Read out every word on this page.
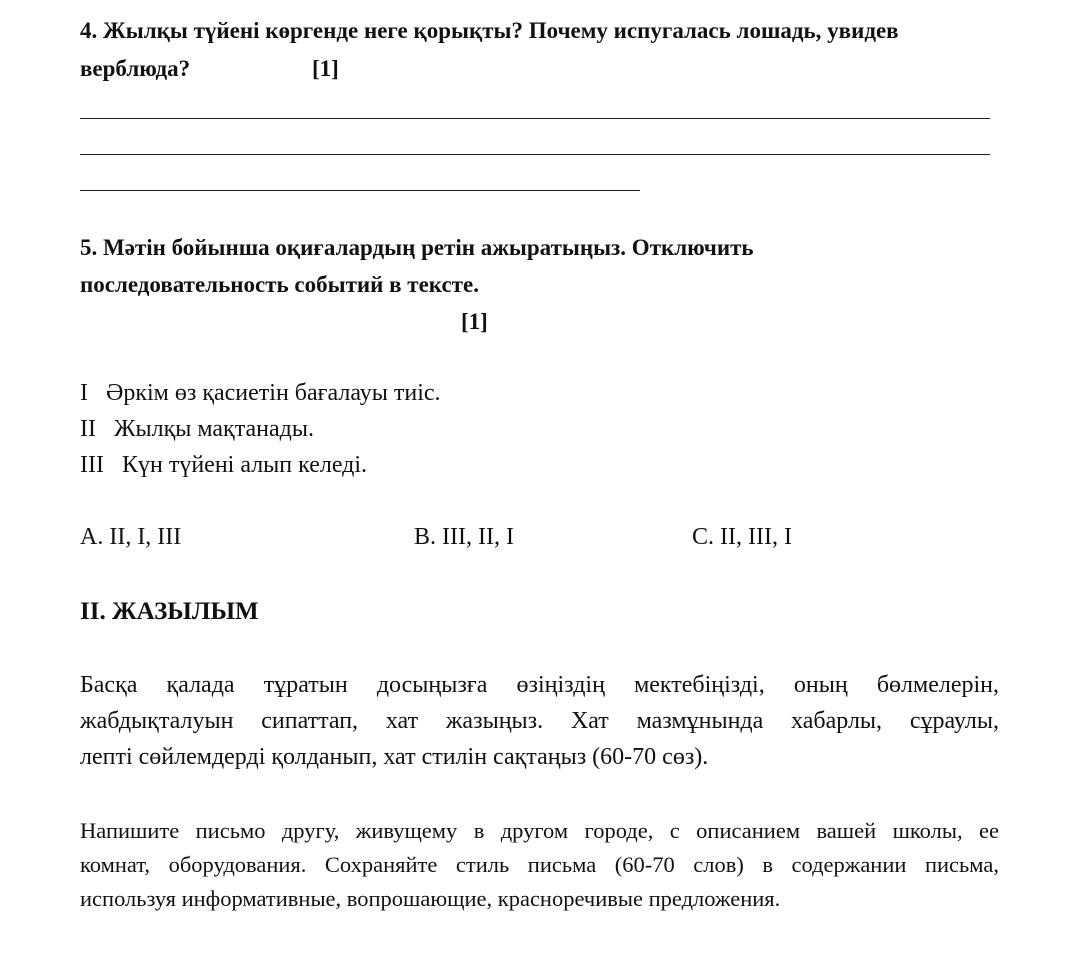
4. Жылқы түйені көргенде неге қорықты? Почему испугалась лошадь, увидев
верблюда?	[1]
5. Мәтін бойынша оқиғалардың ретін ажыратыңыз. Отключить
последовательность событий в тексте.
[1]
I Әркім өз қасиетін бағалауы тиіс.
II Жылқы мақтанады.
III Күн түйені алып келеді.
A. II, I, III	B. III, II, I	C. II, III, I
II. ЖАЗЫЛЫМ
Басқа қалада тұратын досыңызға өзіңіздің мектебіңізді, оның бөлмелерін,
жабдықталуын сипаттап, хат жазыңыз. Хат мазмұнында хабарлы, сұраулы,
лепті сөйлемдерді қолданып, хат стилін сақтаңыз (60-70 сөз).
Напишите письмо другу, живущему в другом городе, с описанием вашей школы, ее
комнат, оборудования. Сохраняйте стиль письма (60-70 слов) в содержании письма,
используя информативные, вопрошающие, красноречивые предложения.
